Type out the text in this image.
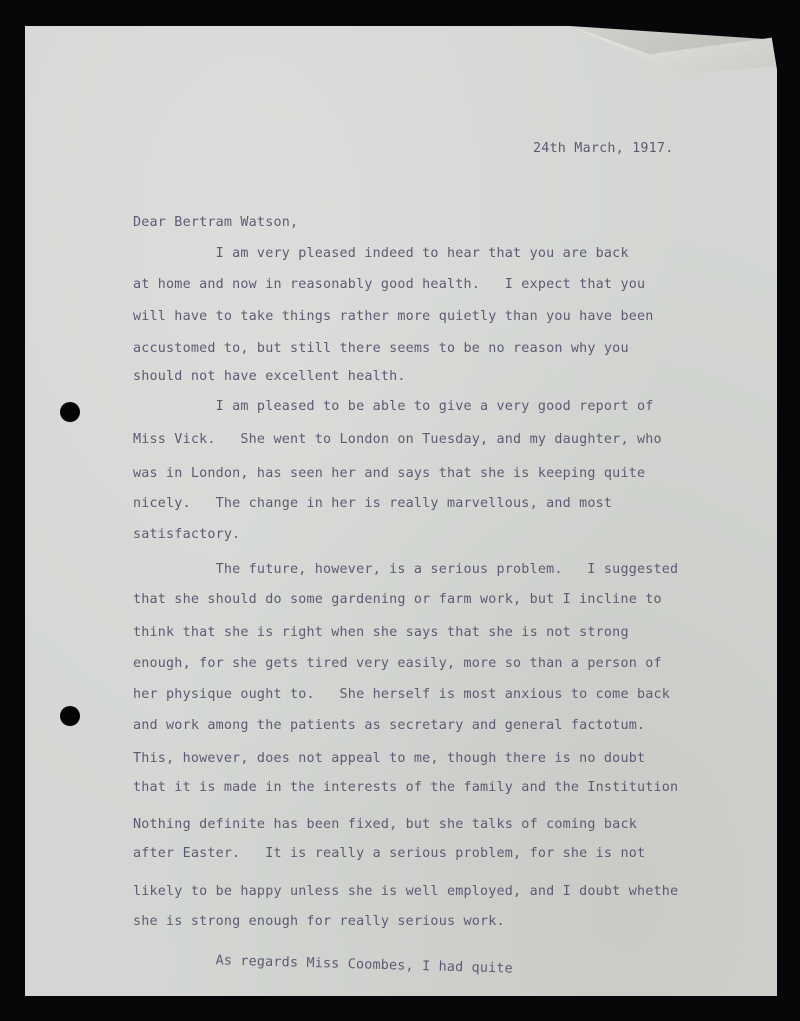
24th March, 1917.
Dear Bertram Watson,
I am very pleased indeed to hear that you are back
at home and now in reasonably good health.   I expect that you
will have to take things rather more quietly than you have been
accustomed to, but still there seems to be no reason why you
should not have excellent health.
I am pleased to be able to give a very good report of
Miss Vick.   She went to London on Tuesday, and my daughter, who
was in London, has seen her and says that she is keeping quite
nicely.   The change in her is really marvellous, and most
satisfactory.
The future, however, is a serious problem.   I suggested
that she should do some gardening or farm work, but I incline to
think that she is right when she says that she is not strong
enough, for she gets tired very easily, more so than a person of
her physique ought to.   She herself is most anxious to come back
and work among the patients as secretary and general factotum.
This, however, does not appeal to me, though there is no doubt
that it is made in the interests of the family and the Institution
Nothing definite has been fixed, but she talks of coming back
after Easter.   It is really a serious problem, for she is not
likely to be happy unless she is well employed, and I doubt whethe
she is strong enough for really serious work.
As regards Miss Coombes, I had quite
